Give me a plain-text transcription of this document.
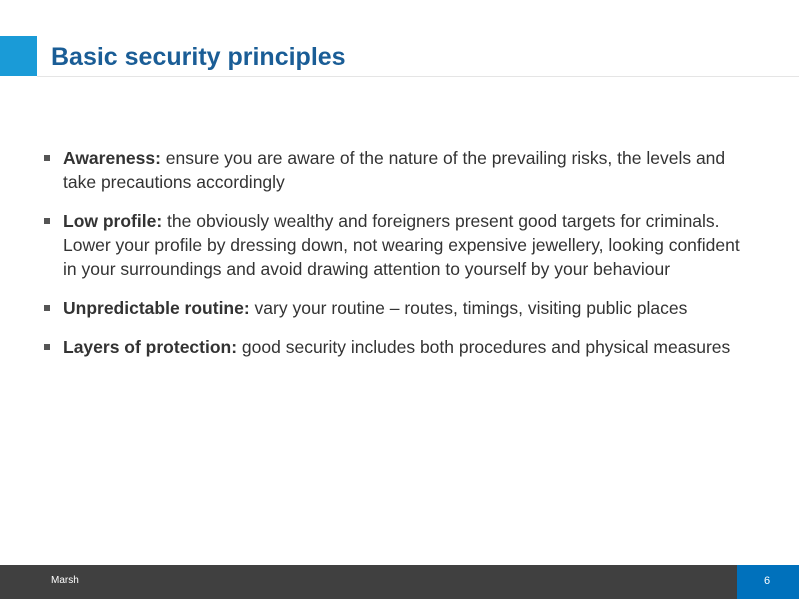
Basic security principles
Awareness: ensure you are aware of the nature of the prevailing risks, the levels and take precautions accordingly
Low profile: the obviously wealthy and foreigners present good targets for criminals. Lower your profile by dressing down, not wearing expensive jewellery, looking confident in your surroundings and avoid drawing attention to yourself by your behaviour
Unpredictable routine: vary your routine – routes, timings, visiting public places
Layers of protection: good security includes both procedures and physical measures
Marsh	6
